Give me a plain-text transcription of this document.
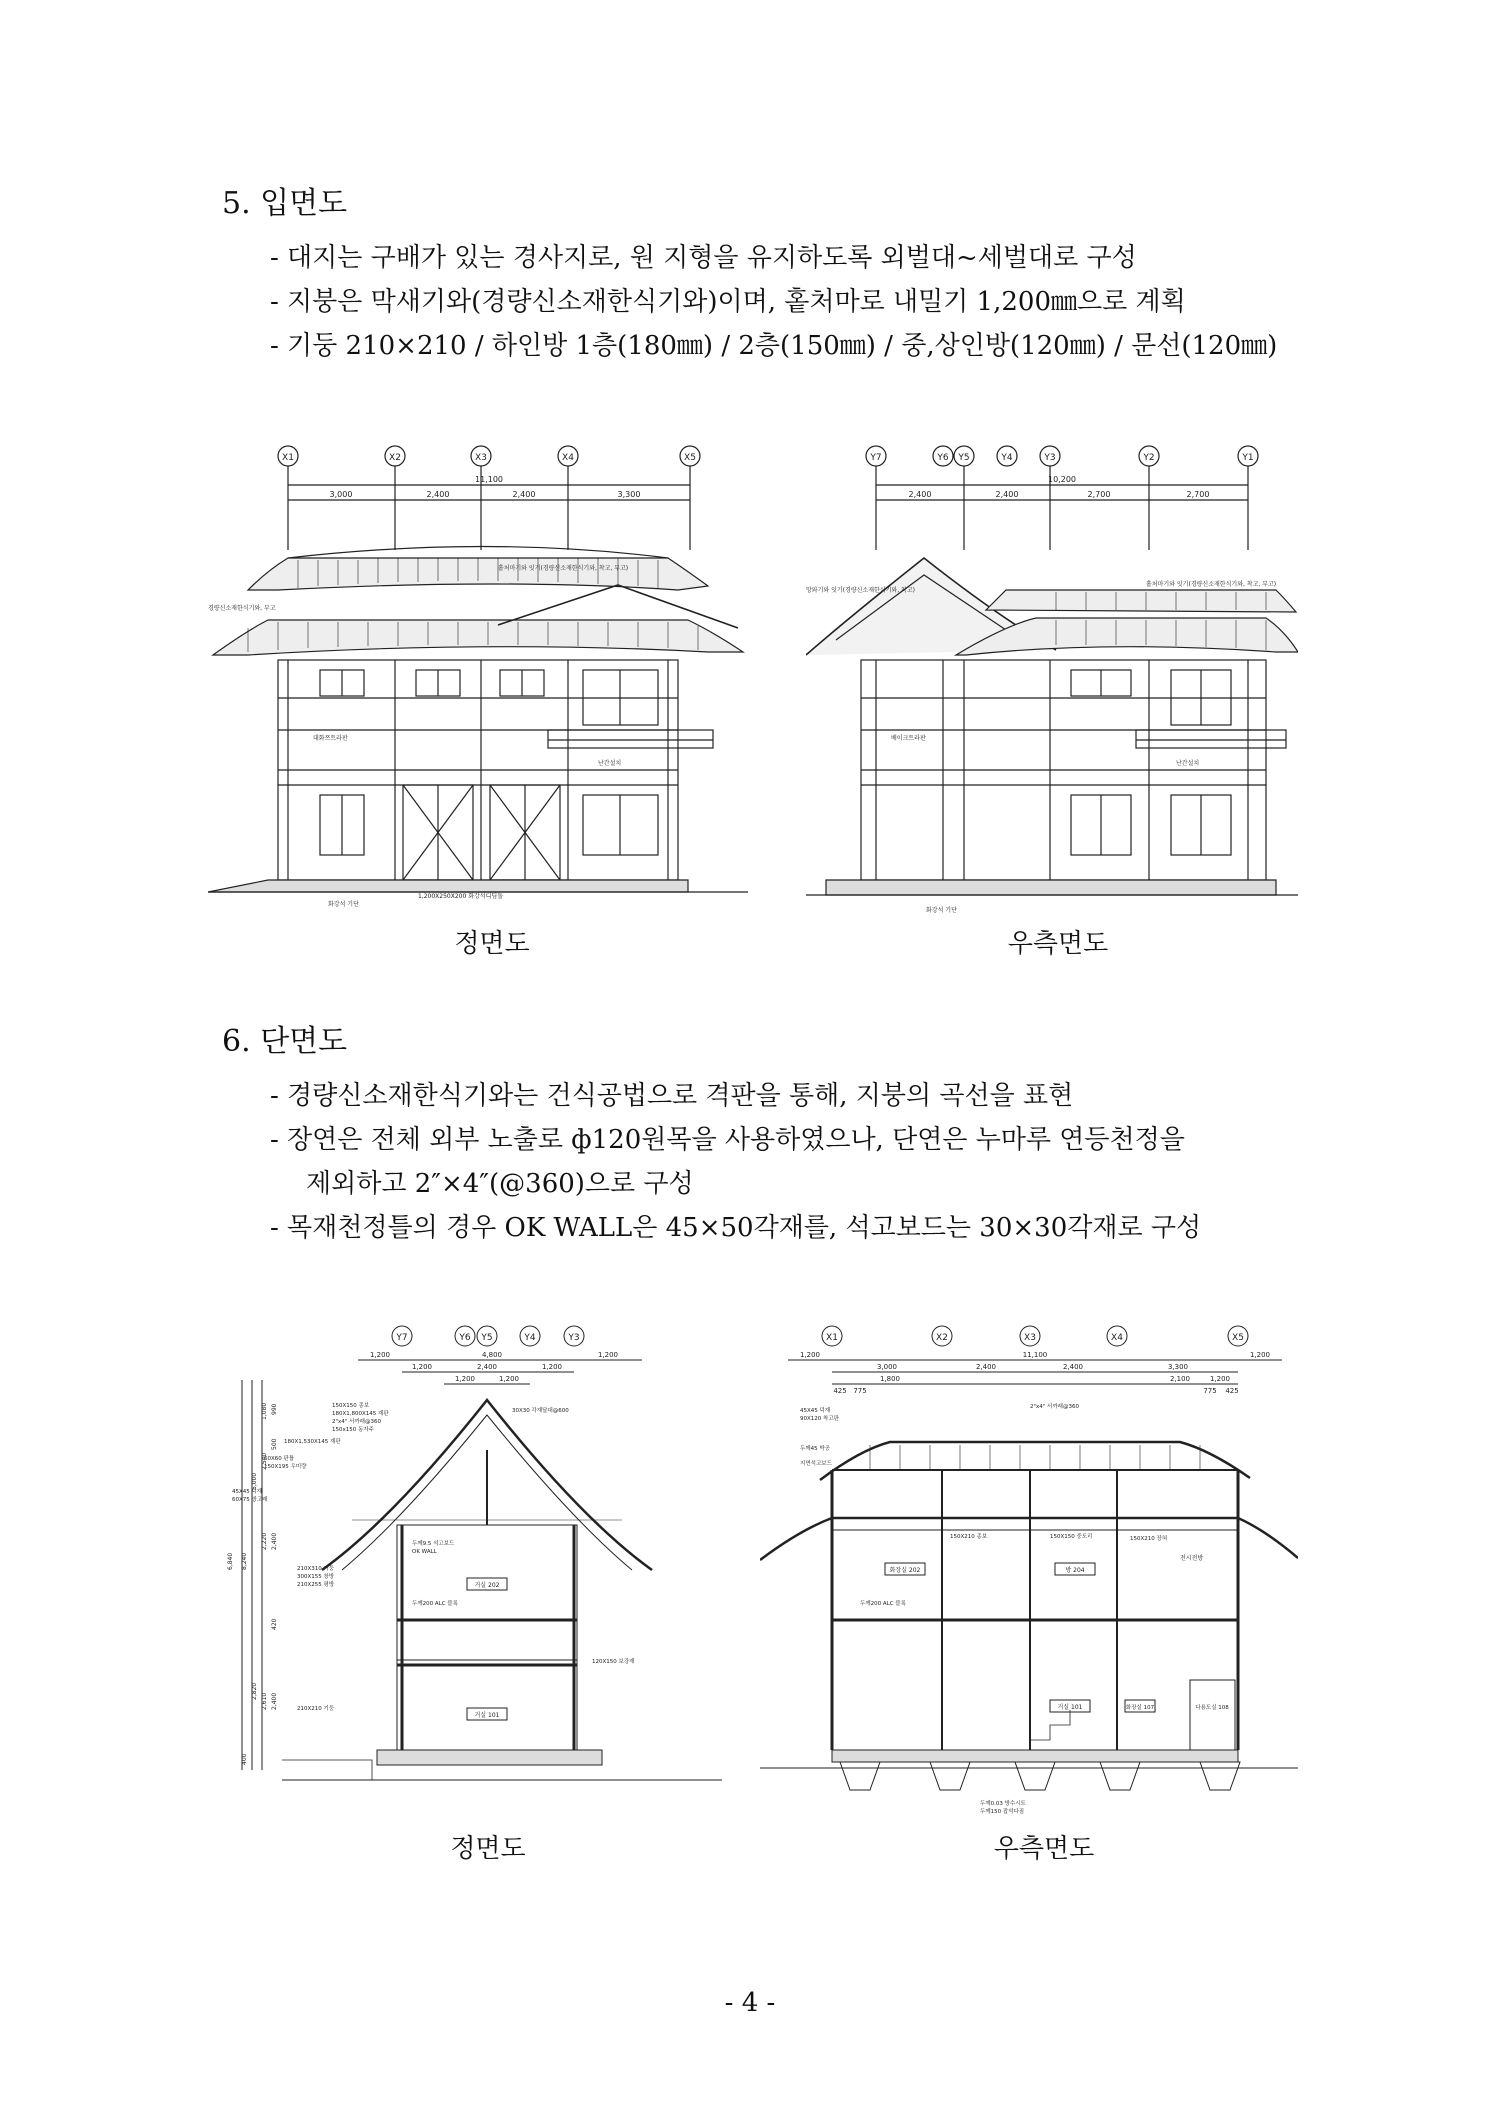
5. 입면도
- 대지는 구배가 있는 경사지로, 원 지형을 유지하도록 외벌대~세벌대로 구성
- 지붕은 막새기와(경량신소재한식기와)이며, 홑처마로 내밀기 1,200㎜으로 계획
- 기둥 210×210 / 하인방 1층(180㎜) / 2층(150㎜) / 중,상인방(120㎜) / 문선(120㎜)
X1	X2	X3	X4	X5
11,100
3,000	2,400	2,400	3,300
홑처마기와 잇기(경량신소재한식기와, 착고, 부고)
경량신소재한식기와, 부고
대화쯔트라판
난간설치
화강석 기단
1,200X250X200 화강석디딤돌
정면도
Y7	Y6 Y5	Y4	Y3	Y2	Y1
10,200
2,400	2,400	2,700	2,700
망와기와 잇기(경량신소재한식기와, 착고)
홑처마기와 잇기(경량신소재한식기와, 착고, 부고)
베이크트라판
난간설치
화강석 기단
우측면도
6. 단면도
- 경량신소재한식기와는 건식공법으로 격판을 통해, 지붕의 곡선을 표현
- 장연은 전체 외부 노출로 ф120원목을 사용하였으나, 단연은 누마루 연등천정을
제외하고 2″×4″(@360)으로 구성
- 목재천정틀의 경우 OK WALL은 45×50각재를, 석고보드는 30×30각재로 구성
Y7	Y6 Y5	Y4	Y3
1,200	4,800	1,200
1,200	2,400	1,200
1,200	1,200
6,840 8,240
5,000
2,820
1,080
2,540
990
500
2,220 2,400
2,610 2,400
420
400
거실 202
거실 101
180X1,800X145 재판
2"x4" 서까래@360
150x150 동자주
180X1,530X145 재판
60X60 판틀
150X195 우미량
45X45 덕재
60X75 방고래
150X150 종보
30X30 각재달대@600
210X310 기둥
300X155 창방
210X255 평방
210X210 기둥
두께9.5 석고보드
OK WALL
두께200 ALC 블록
120X150 보강재
정면도
X1	X2	X3	X4	X5
1,200	11,100	1,200
3,000	2,400	2,400	3,300
1,800	2,100	1,200
425 775	775 425
화장실 202	방 204
전시전방
거실 101	화장실 107	다용도실 108
45X45 덕재
2"x4" 서까래@360
90X120 착고판
두께45 박공
지면석고보드
150X210 종보	150X150 중도리	150X210 장혀
두께200 ALC 블록
두께0.03 방수시트
두께150 잡석다짐
우측면도
- 4 -
